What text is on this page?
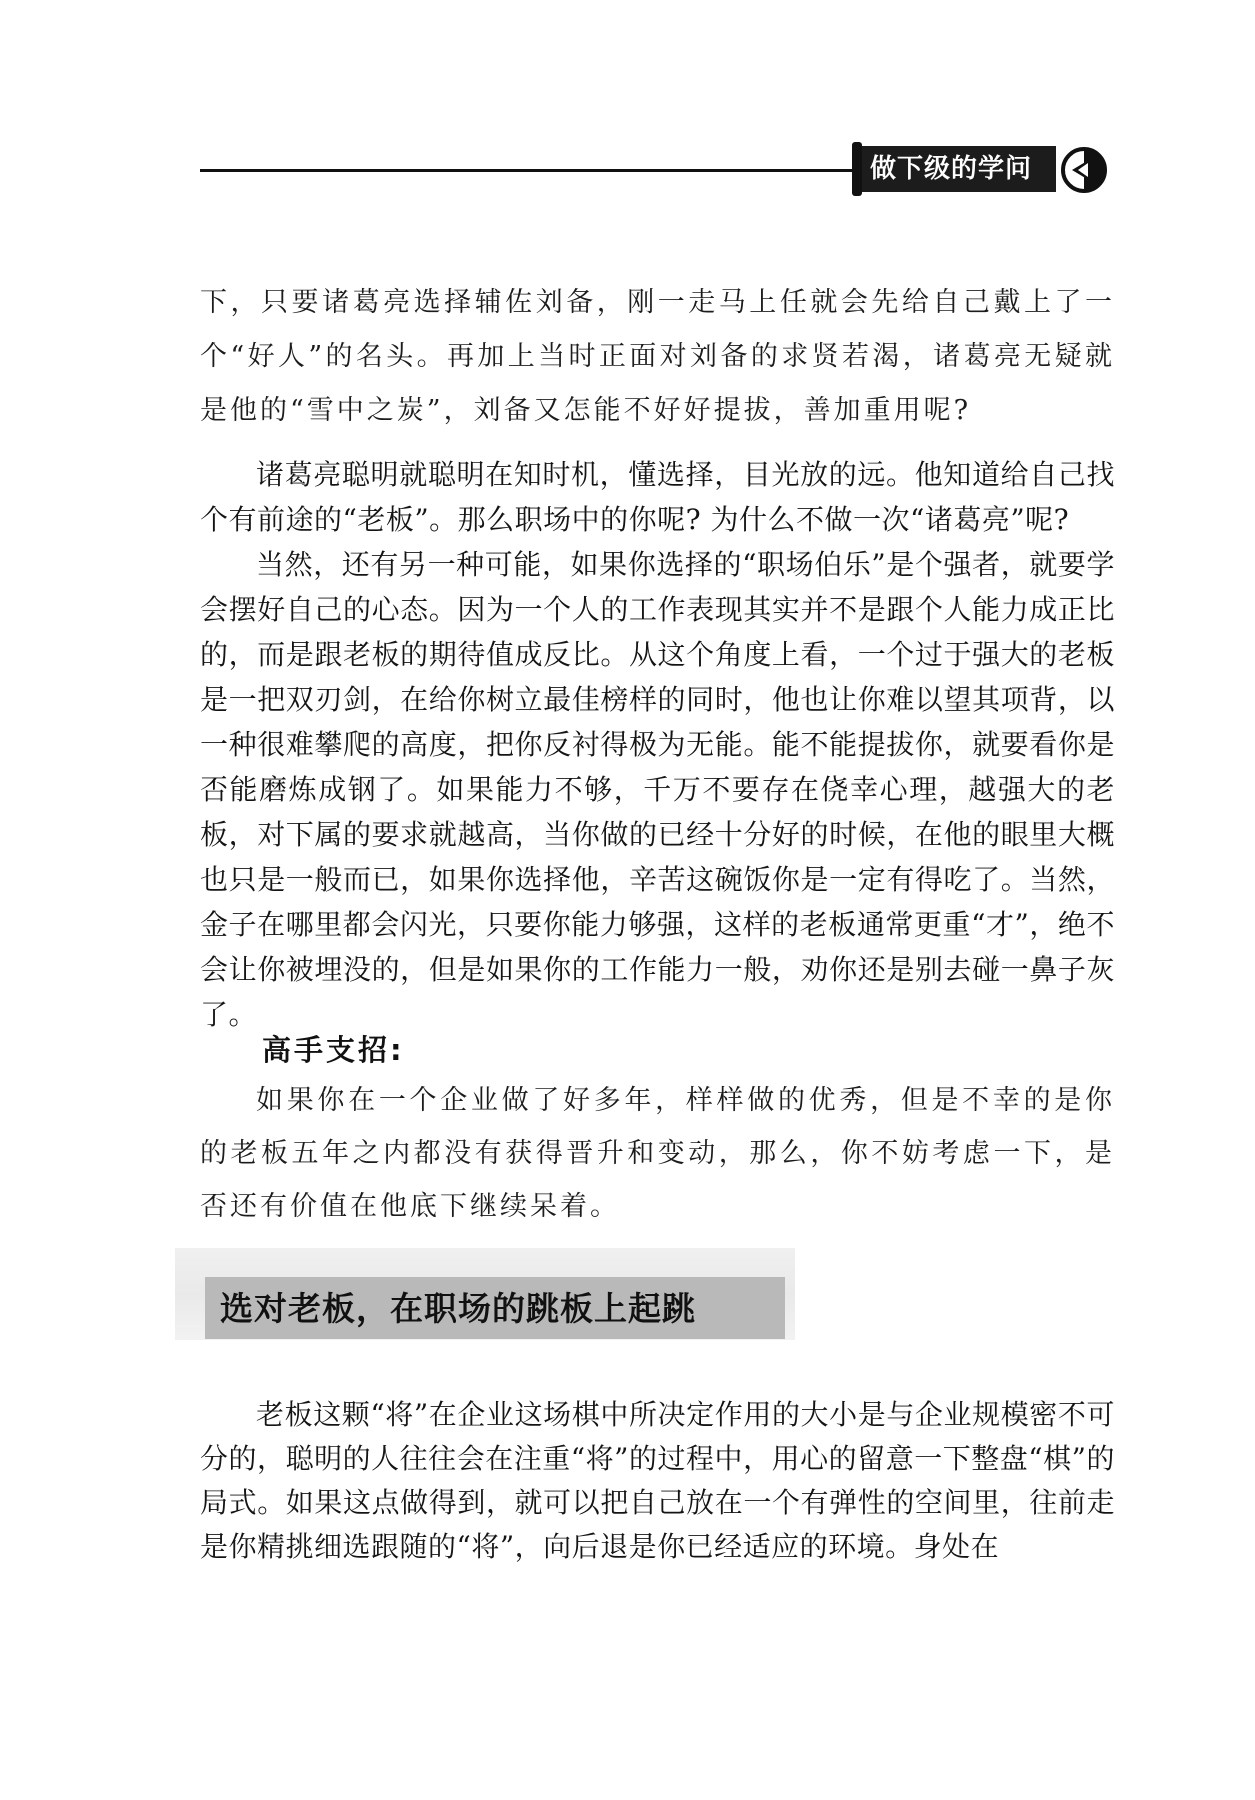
做下级的学问

下，只要诸葛亮选择辅佐刘备，刚一走马上任就会先给自己戴上了一个“好人”的名头。再加上当时正面对刘备的求贤若渴，诸葛亮无疑就是他的“雪中之炭”，刘备又怎能不好好提拔，善加重用呢?

诸葛亮聪明就聪明在知时机，懂选择，目光放的远。他知道给自己找个有前途的“老板”。那么职场中的你呢? 为什么不做一次“诸葛亮”呢?

当然，还有另一种可能，如果你选择的“职场伯乐”是个强者，就要学会摆好自己的心态。因为一个人的工作表现其实并不是跟个人能力成正比的，而是跟老板的期待值成反比。从这个角度上看，一个过于强大的老板是一把双刃剑，在给你树立最佳榜样的同时，他也让你难以望其项背，以一种很难攀爬的高度，把你反衬得极为无能。能不能提拔你，就要看你是否能磨炼成钢了。如果能力不够，千万不要存在侥幸心理，越强大的老板，对下属的要求就越高，当你做的已经十分好的时候，在他的眼里大概也只是一般而已，如果你选择他，辛苦这碗饭你是一定有得吃了。当然，金子在哪里都会闪光，只要你能力够强，这样的老板通常更重“才”，绝不会让你被埋没的，但是如果你的工作能力一般，劝你还是别去碰一鼻子灰了。

高手支招:

如果你在一个企业做了好多年，样样做的优秀，但是不幸的是你的老板五年之内都没有获得晋升和变动，那么，你不妨考虑一下，是否还有价值在他底下继续呆着。

选对老板，在职场的跳板上起跳

老板这颗“将”在企业这场棋中所决定作用的大小是与企业规模密不可分的，聪明的人往往会在注重“将”的过程中，用心的留意一下整盘“棋”的局式。如果这点做得到，就可以把自己放在一个有弹性的空间里，往前走是你精挑细选跟随的“将”，向后退是你已经适应的环境。身处在
